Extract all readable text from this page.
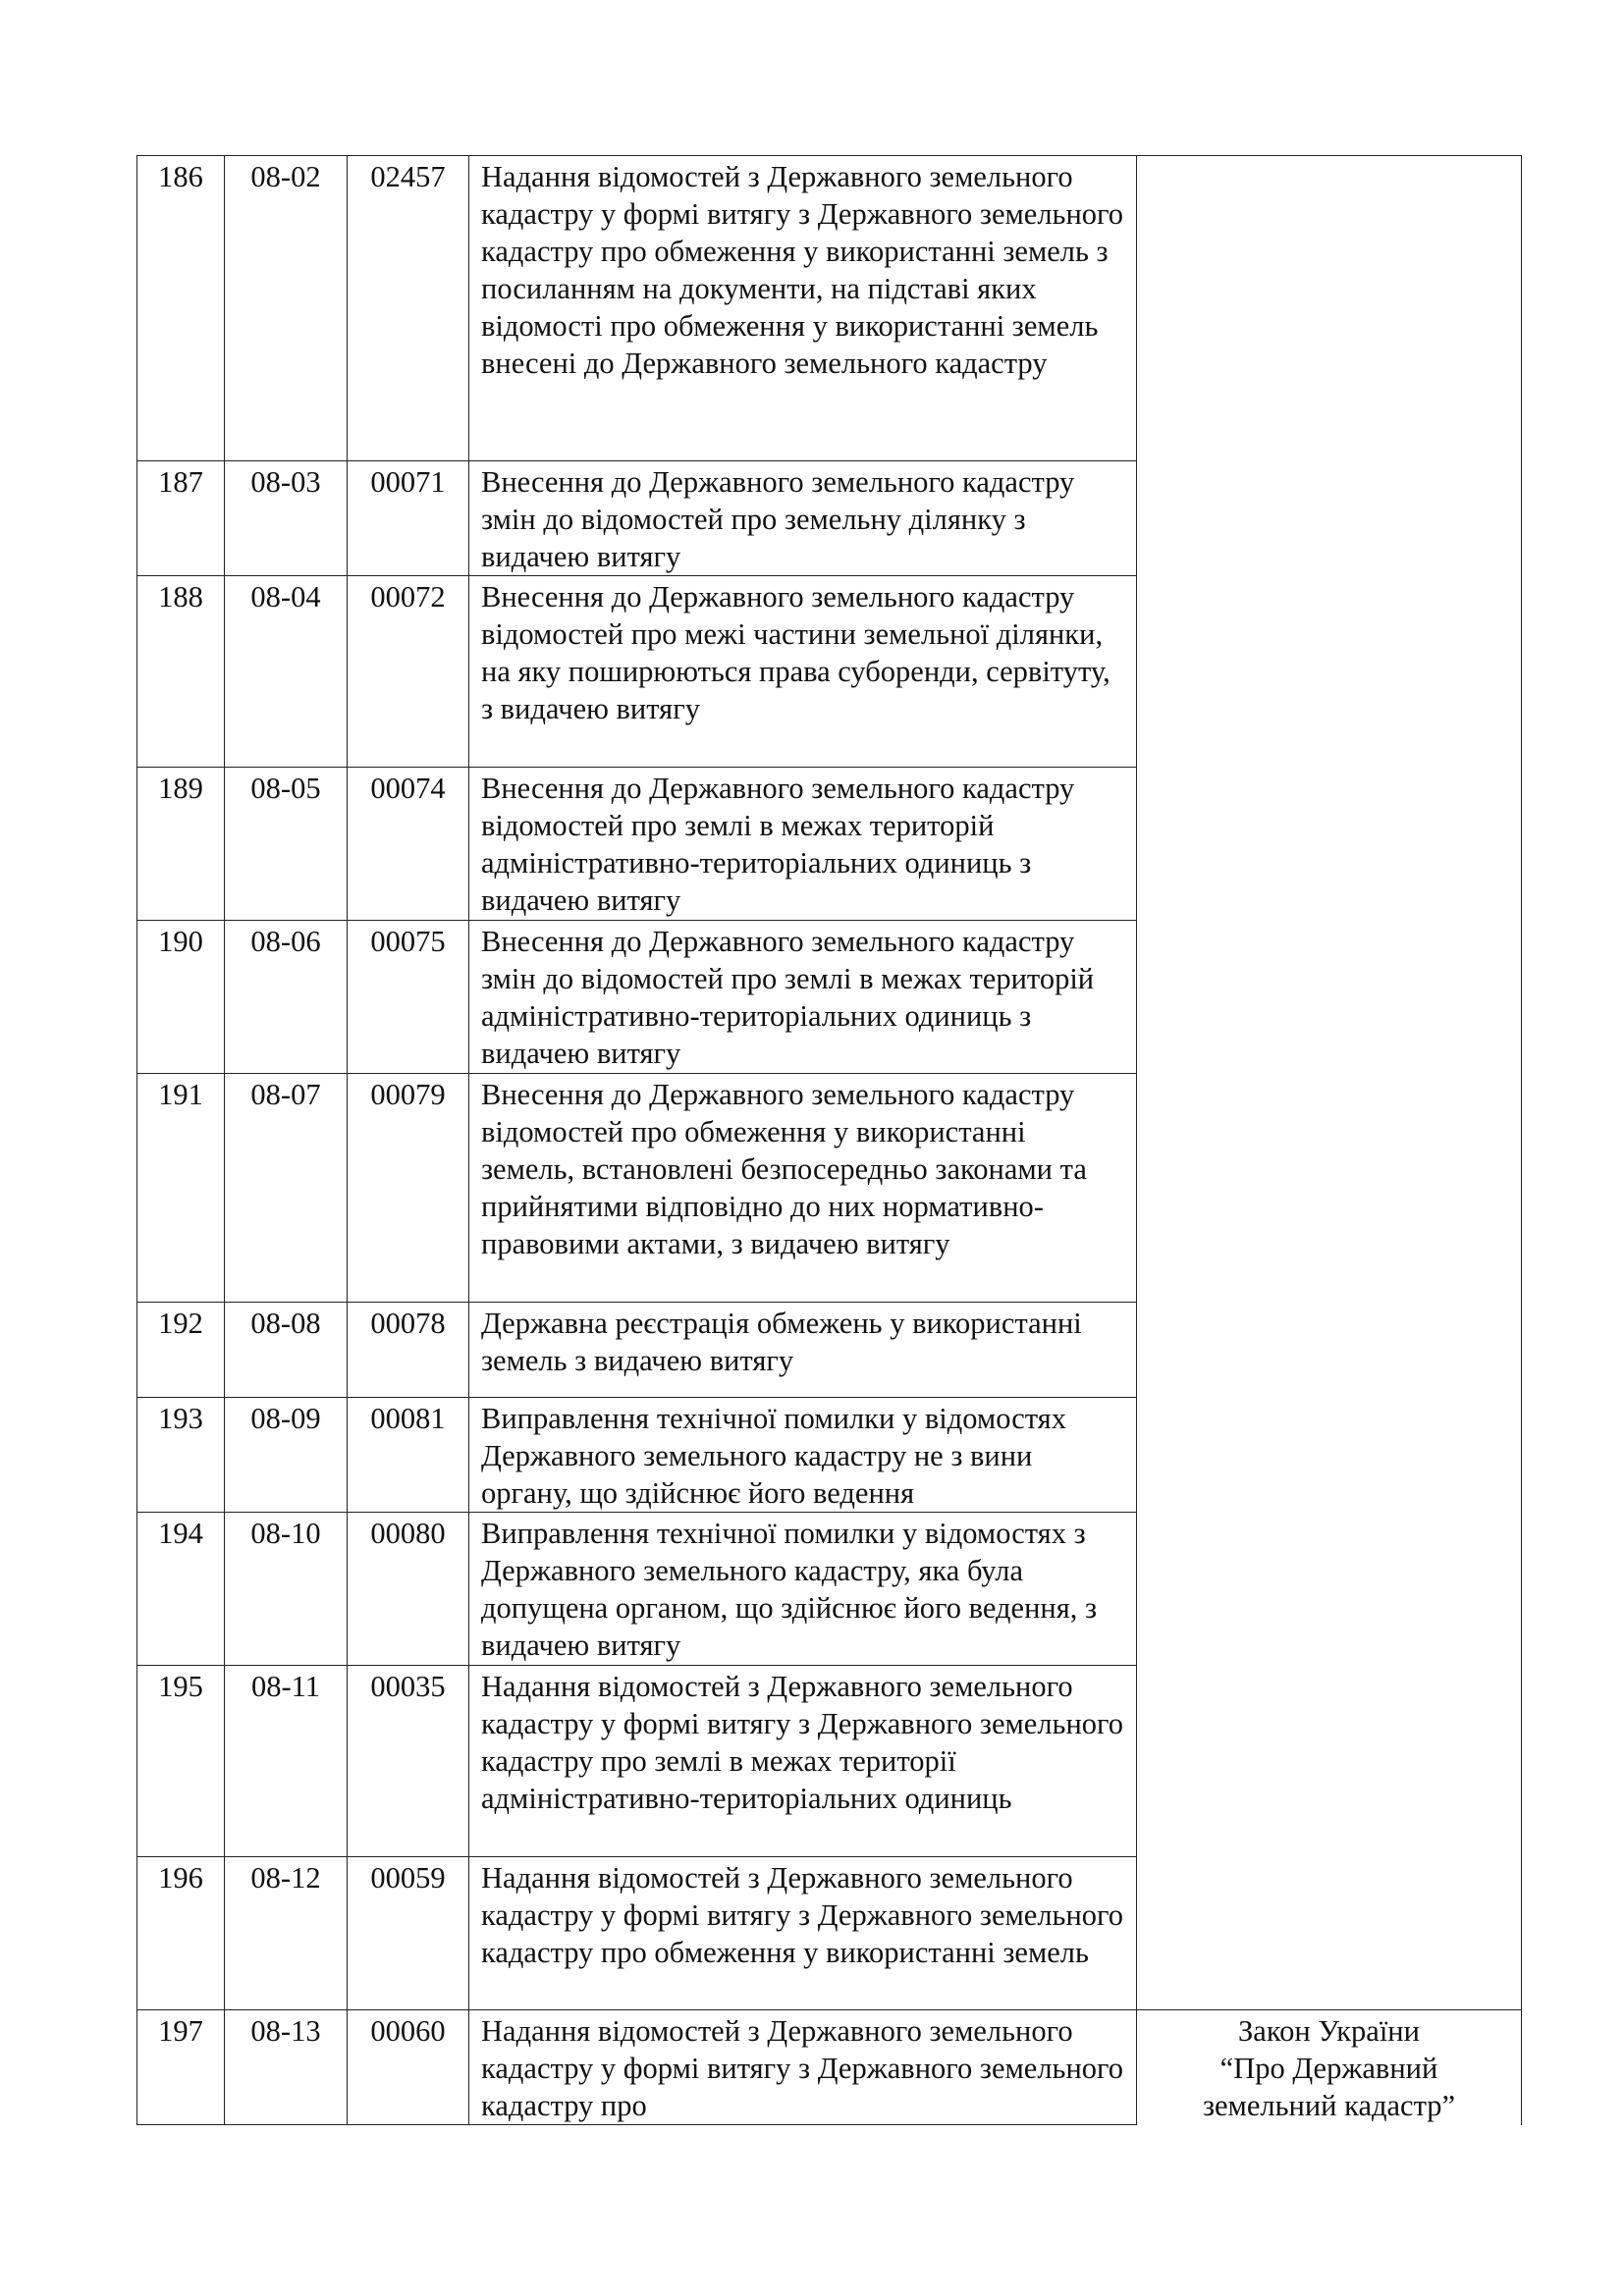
186	08-02	02457	Надання відомостей з Державного земельного кадастру у формі витягу з Державного земельного кадастру про обмеження у використанні земель з посиланням на документи, на підставі яких відомості про обмеження у використанні земель внесені до Державного земельного кадастру	
187	08-03	00071	Внесення до Державного земельного кадастру змін до відомостей про земельну ділянку з видачею витягу	
188	08-04	00072	Внесення до Державного земельного кадастру відомостей про межі частини земельної ділянки, на яку поширюються права суборенди, сервітуту, з видачею витягу	
189	08-05	00074	Внесення до Державного земельного кадастру відомостей про землі в межах територій адміністративно-територіальних одиниць з видачею витягу	
190	08-06	00075	Внесення до Державного земельного кадастру змін до відомостей про землі в межах територій адміністративно-територіальних одиниць з видачею витягу	
191	08-07	00079	Внесення до Державного земельного кадастру відомостей про обмеження у використанні земель, встановлені безпосередньо законами та прийнятими відповідно до них нормативно-правовими актами, з видачею витягу	
192	08-08	00078	Державна реєстрація обмежень у використанні земель з видачею витягу	
193	08-09	00081	Виправлення технічної помилки у відомостях Державного земельного кадастру не з вини органу, що здійснює його ведення	
194	08-10	00080	Виправлення технічної помилки у відомостях з Державного земельного кадастру, яка була допущена органом, що здійснює його ведення, з видачею витягу	
195	08-11	00035	Надання відомостей з Державного земельного кадастру у формі витягу з Державного земельного кадастру про землі в межах території адміністративно-територіальних одиниць	
196	08-12	00059	Надання відомостей з Державного земельного кадастру у формі витягу з Державного земельного кадастру про обмеження у використанні земель	
197	08-13	00060	Надання відомостей з Державного земельного кадастру у формі витягу з Державного земельного кадастру про	Закон України
“Про Державний
земельний кадастр”
